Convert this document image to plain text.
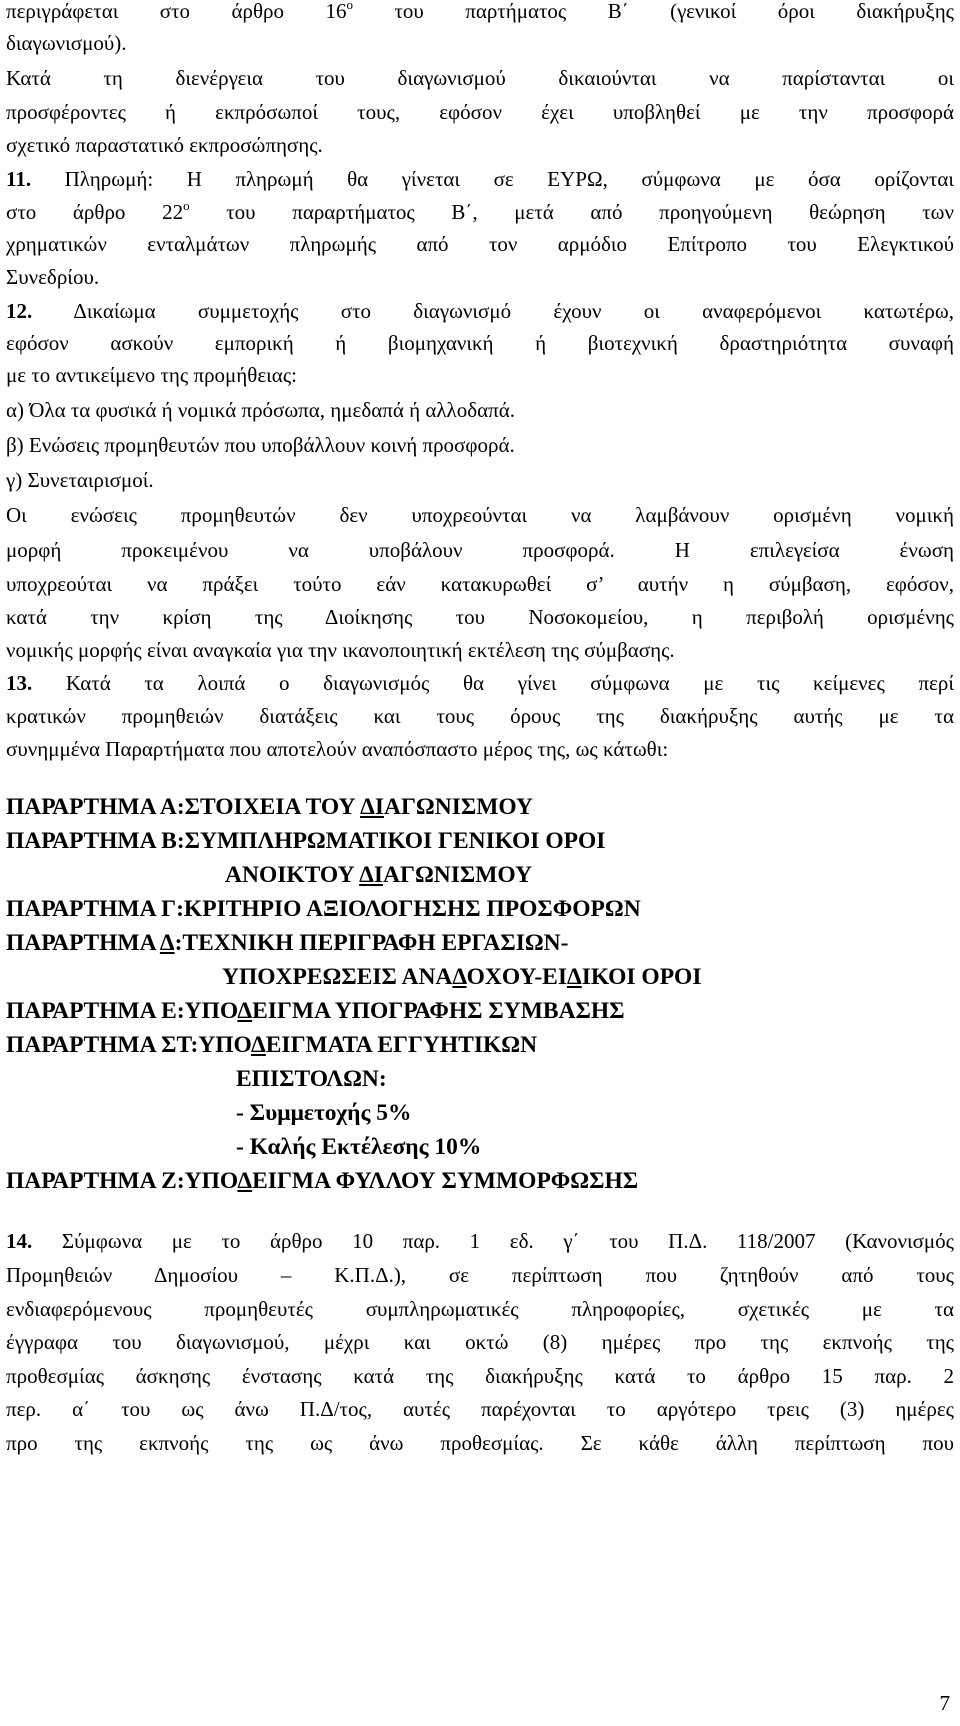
περιγράφεται στο άρθρο $16^o$ του παρτήματος Β΄ (γενικοί όροι διακήρυξης
διαγωνισμού).
Κατά τη διενέργεια του διαγωνισμού δικαιούνται να παρίστανται οι
προσφέροντες ή εκπρόσωποί τους, εφόσον έχει υποβληθεί με την προσφορά
σχετικό παραστατικό εκπροσώπησης.
11. Πληρωμή: Η πληρωμή θα γίνεται σε ΕΥΡΩ, σύμφωνα με όσα ορίζονται
στο άρθρο $22^o$ του παραρτήματος Β΄, μετά από προηγούμενη θεώρηση των
χρηματικών ενταλμάτων πληρωμής από τον αρμόδιο Επίτροπο του Ελεγκτικού
Συνεδρίου.
12. Δικαίωμα συμμετοχής στο διαγωνισμό έχουν οι αναφερόμενοι κατωτέρω,
εφόσον ασκούν εμπορική ή βιομηχανική ή βιοτεχνική δραστηριότητα συναφή
με το αντικείμενο της προμήθειας:
α) Όλα τα φυσικά ή νομικά πρόσωπα, ημεδαπά ή αλλοδαπά.
β) Ενώσεις προμηθευτών που υποβάλλουν κοινή προσφορά.
γ) Συνεταιρισμοί.
Οι ενώσεις προμηθευτών δεν υποχρεούνται να λαμβάνουν ορισμένη νομική
μορφή προκειμένου να υποβάλουν προσφορά. Η επιλεγείσα ένωση
υποχρεούται να πράξει τούτο εάν κατακυρωθεί σ’ αυτήν η σύμβαση, εφόσον,
κατά την κρίση της Διοίκησης του Νοσοκομείου, η περιβολή ορισμένης
νομικής μορφής είναι αναγκαία για την ικανοποιητική εκτέλεση της σύμβασης.
13. Κατά τα λοιπά ο διαγωνισμός θα γίνει σύμφωνα με τις κείμενες περί
κρατικών προμηθειών διατάξεις και τους όρους της διακήρυξης αυτής με τα
συνημμένα Παραρτήματα που αποτελούν αναπόσπαστο μέρος της, ως κάτωθι:
ΠΑΡΑΡΤΗΜΑ Α:ΣΤΟΙΧΕΙΑ ΤΟΥ ΔΙΑΓΩΝΙΣΜΟΥ
ΠΑΡΑΡΤΗΜΑ Β:ΣΥΜΠΛΗΡΩΜΑΤΙΚΟΙ ΓΕΝΙΚΟΙ ΟΡΟΙ
ΑΝΟΙΚΤΟΥ ΔΙΑΓΩΝΙΣΜΟΥ
ΠΑΡΑΡΤΗΜΑ Γ:ΚΡΙΤΗΡΙΟ ΑΞΙΟΛΟΓΗΣΗΣ ΠΡΟΣΦΟΡΩΝ
ΠΑΡΑΡΤΗΜΑ Δ:ΤΕΧΝΙΚΗ ΠΕΡΙΓΡΑΦΗ ΕΡΓΑΣΙΩΝ-
ΥΠΟΧΡΕΩΣΕΙΣ ΑΝΑΔΟΧΟΥ-ΕΙΔΙΚΟΙ ΟΡΟΙ
ΠΑΡΑΡΤΗΜΑ Ε:ΥΠΟΔΕΙΓΜΑ ΥΠΟΓΡΑΦΗΣ ΣΥΜΒΑΣΗΣ
ΠΑΡΑΡΤΗΜΑ ΣΤ:ΥΠΟΔΕΙΓΜΑΤΑ ΕΓΓΥΗΤΙΚΩΝ
ΕΠΙΣΤΟΛΩΝ:
- Συμμετοχής 5%
- Καλής Εκτέλεσης 10%
ΠΑΡΑΡΤΗΜΑ Ζ:ΥΠΟΔΕΙΓΜΑ ΦΥΛΛΟΥ ΣΥΜΜΟΡΦΩΣΗΣ
14. Σύμφωνα με το άρθρο 10 παρ. 1 εδ. γ΄ του Π.Δ. 118/2007 (Κανονισμός
Προμηθειών Δημοσίου – Κ.Π.Δ.), σε περίπτωση που ζητηθούν από τους
ενδιαφερόμενους προμηθευτές συμπληρωματικές πληροφορίες, σχετικές με τα
έγγραφα του διαγωνισμού, μέχρι και οκτώ (8) ημέρες προ της εκπνοής της
προθεσμίας άσκησης ένστασης κατά της διακήρυξης κατά το άρθρο 15 παρ. 2
περ. α΄ του ως άνω Π.Δ/τος, αυτές παρέχονται το αργότερο τρεις (3) ημέρες
προ της εκπνοής της ως άνω προθεσμίας. Σε κάθε άλλη περίπτωση που
7
